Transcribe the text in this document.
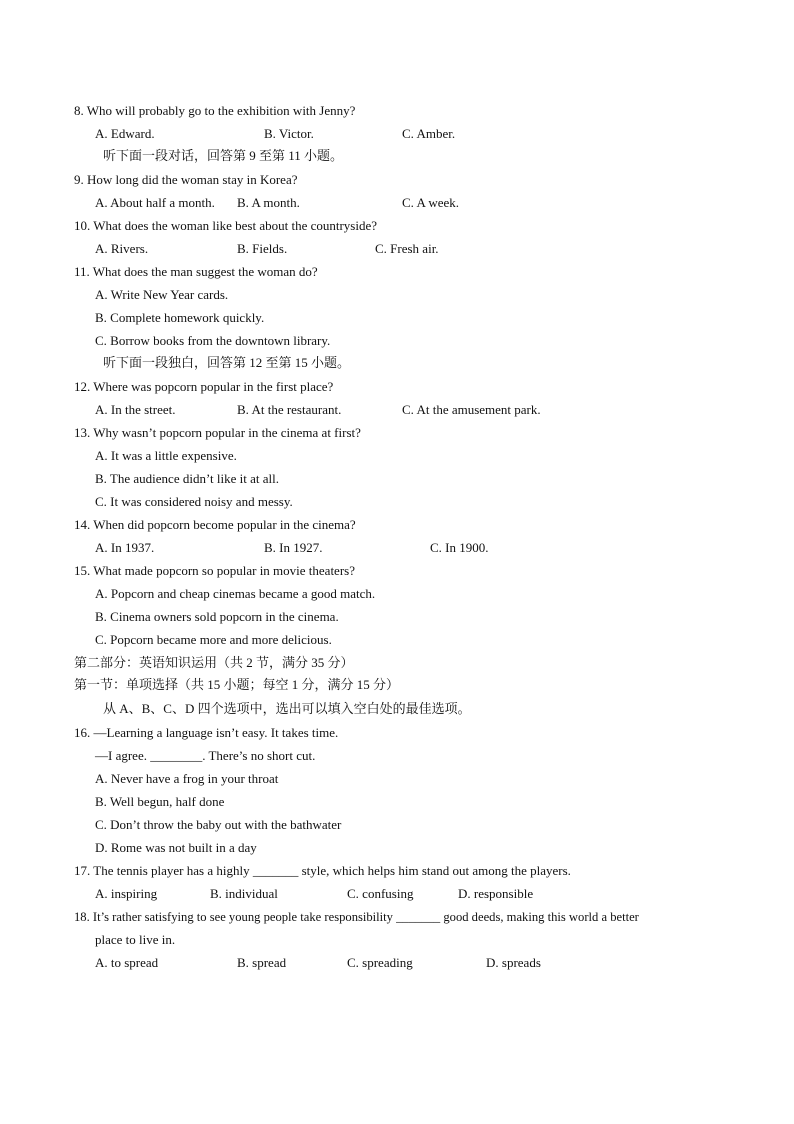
8. Who will probably go to the exhibition with Jenny?
A. Edward.	B. Victor.	C. Amber.
听下面一段对话，回答第 9 至第 11 小题。
9. How long did the woman stay in Korea?
A. About half a month. B. A month.	C. A week.
10. What does the woman like best about the countryside?
A. Rivers.	B. Fields.	C. Fresh air.
11. What does the man suggest the woman do?
A. Write New Year cards.
B. Complete homework quickly.
C. Borrow books from the downtown library.
听下面一段独白，回答第 12 至第 15 小题。
12. Where was popcorn popular in the first place?
A. In the street.	B. At the restaurant.	C. At the amusement park.
13. Why wasn’t popcorn popular in the cinema at first?
A. It was a little expensive.
B. The audience didn’t like it at all.
C. It was considered noisy and messy.
14. When did popcorn become popular in the cinema?
A. In 1937.	B. In 1927.	C. In 1900.
15. What made popcorn so popular in movie theaters?
A. Popcorn and cheap cinemas became a good match.
B. Cinema owners sold popcorn in the cinema.
C. Popcorn became more and more delicious.
第二部分：英语知识运用（共 2 节，满分 35 分）
第一节：单项选择（共 15 小题；每空 1 分，满分 15 分）
从 A、B、C、D 四个选项中，选出可以填入空白处的最佳选项。
16. —Learning a language isn’t easy. It takes time.
—I agree. ________. There’s no short cut.
A. Never have a frog in your throat
B. Well begun, half done
C. Don’t throw the baby out with the bathwater
D. Rome was not built in a day
17. The tennis player has a highly _______ style, which helps him stand out among the players.
A. inspiring	B. individual	C. confusing	D. responsible
18. It’s rather satisfying to see young people take responsibility _______ good deeds, making this world a better
place to live in.
A. to spread	B. spread	C. spreading	D. spreads
